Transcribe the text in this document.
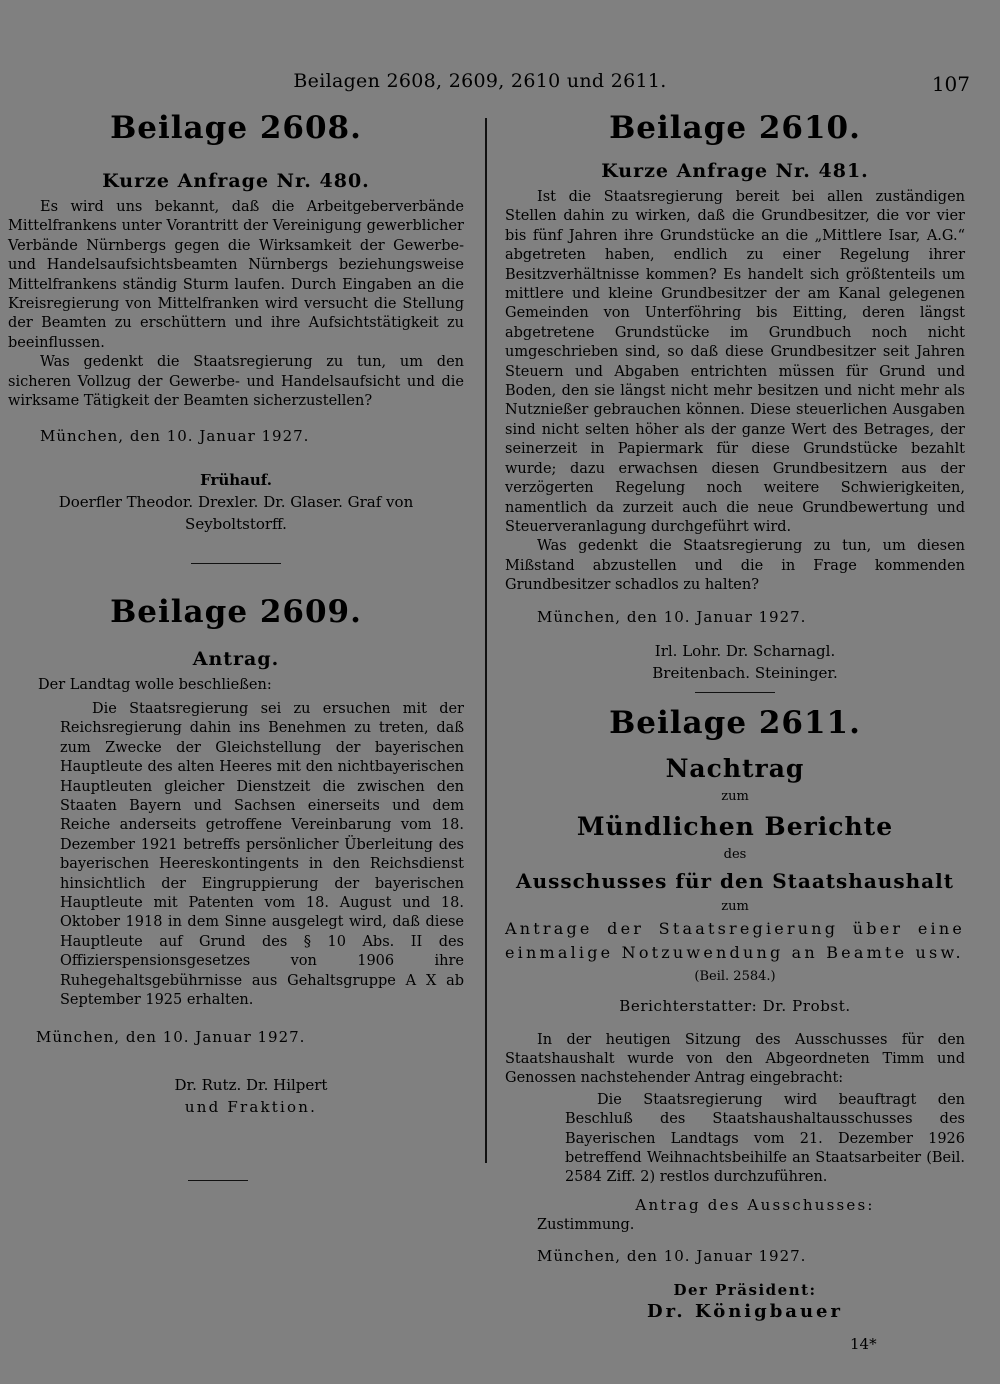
Beilagen 2608, 2609, 2610 und 2611.	107
Beilage 2608.
Kurze Anfrage Nr. 480.

Es wird uns bekannt, daß die Arbeitgeberverbände Mittelfrankens unter Vorantritt der Vereinigung gewerblicher Verbände Nürnbergs gegen die Wirksamkeit der Gewerbe- und Handelsaufsichtsbeamten Nürnbergs beziehungsweise Mittelfrankens ständig Sturm laufen. Durch Eingaben an die Kreisregierung von Mittelfranken wird versucht die Stellung der Beamten zu erschüttern und ihre Aufsichtstätigkeit zu beeinflussen.

Was gedenkt die Staatsregierung zu tun, um den sicheren Vollzug der Gewerbe- und Handelsaufsicht und die wirksame Tätigkeit der Beamten sicherzustellen?

München, den 10. Januar 1927.
Frühauf.
Doerfler Theodor. Drexler. Dr. Glaser. Graf von Seyboltstorff.
Beilage 2609.
Antrag.

Der Landtag wolle beschließen:

Die Staatsregierung sei zu ersuchen mit der Reichsregierung dahin ins Benehmen zu treten, daß zum Zwecke der Gleichstellung der bayerischen Hauptleute des alten Heeres mit den nichtbayerischen Hauptleuten gleicher Dienstzeit die zwischen den Staaten Bayern und Sachsen einerseits und dem Reiche anderseits getroffene Vereinbarung vom 18. Dezember 1921 betreffs persönlicher Überleitung des bayerischen Heereskontingents in den Reichsdienst hinsichtlich der Eingruppierung der bayerischen Hauptleute mit Patenten vom 18. August und 18. Oktober 1918 in dem Sinne ausgelegt wird, daß diese Hauptleute auf Grund des § 10 Abs. II des Offizierspensionsgesetzes von 1906 ihre Ruhegehaltsgebührnisse aus Gehaltsgruppe A X ab September 1925 erhalten.

München, den 10. Januar 1927.
Dr. Rutz. Dr. Hilpert
und Fraktion.
Beilage 2610.
Kurze Anfrage Nr. 481.

Ist die Staatsregierung bereit bei allen zuständigen Stellen dahin zu wirken, daß die Grundbesitzer, die vor vier bis fünf Jahren ihre Grundstücke an die „Mittlere Isar, A.G.“ abgetreten haben, endlich zu einer Regelung ihrer Besitzverhältnisse kommen? Es handelt sich größtenteils um mittlere und kleine Grundbesitzer der am Kanal gelegenen Gemeinden von Unterföhring bis Eitting, deren längst abgetretene Grundstücke im Grundbuch noch nicht umgeschrieben sind, so daß diese Grundbesitzer seit Jahren Steuern und Abgaben entrichten müssen für Grund und Boden, den sie längst nicht mehr besitzen und nicht mehr als Nutznießer gebrauchen können. Diese steuerlichen Ausgaben sind nicht selten höher als der ganze Wert des Betrages, der seinerzeit in Papiermark für diese Grundstücke bezahlt wurde; dazu erwachsen diesen Grundbesitzern aus der verzögerten Regelung noch weitere Schwierigkeiten, namentlich da zurzeit auch die neue Grundbewertung und Steuerveranlagung durchgeführt wird.

Was gedenkt die Staatsregierung zu tun, um diesen Mißstand abzustellen und die in Frage kommenden Grundbesitzer schadlos zu halten?

München, den 10. Januar 1927.
Irl. Lohr. Dr. Scharnagl.
Breitenbach. Steininger.
Beilage 2611.
Nachtrag
zum
Mündlichen Berichte
des
Ausschusses für den Staatshaushalt
zum

Antrage der Staatsregierung über eine einmalige Notzuwendung an Beamte usw.

(Beil. 2584.)
Berichterstatter: Dr. Probst.

In der heutigen Sitzung des Ausschusses für den Staatshaushalt wurde von den Abgeordneten Timm und Genossen nachstehender Antrag eingebracht:

Die Staatsregierung wird beauftragt den Beschluß des Staatshaushaltausschusses des Bayerischen Landtags vom 21. Dezember 1926 betreffend Weihnachtsbeihilfe an Staatsarbeiter (Beil. 2584 Ziff. 2) restlos durchzuführen.

Antrag des Ausschusses:

Zustimmung.

München, den 10. Januar 1927.
Der Präsident:
Dr. Königbauer
14*
